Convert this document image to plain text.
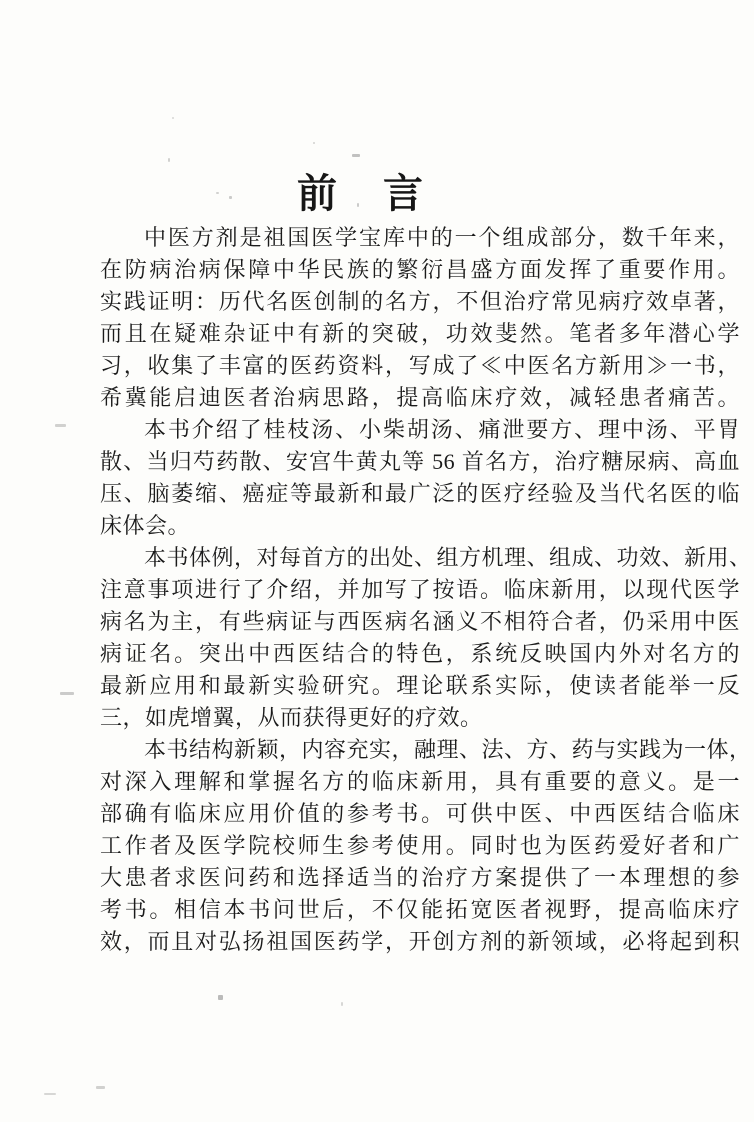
前 言
中医方剂是祖国医学宝库中的一个组成部分，数千年来，
在防病治病保障中华民族的繁衍昌盛方面发挥了重要作用。
实践证明：历代名医创制的名方，不但治疗常见病疗效卓著，
而且在疑难杂证中有新的突破，功效斐然。笔者多年潜心学
习，收集了丰富的医药资料，写成了≪中医名方新用≫一书，
希冀能启迪医者治病思路，提高临床疗效，减轻患者痛苦。
本书介绍了桂枝汤、小柴胡汤、痛泄要方、理中汤、平胃
散、当归芍药散、安宫牛黄丸等 56 首名方，治疗糖尿病、高血
压、脑萎缩、癌症等最新和最广泛的医疗经验及当代名医的临
床体会。
本书体例，对每首方的出处、组方机理、组成、功效、新用、
注意事项进行了介绍，并加写了按语。临床新用，以现代医学
病名为主，有些病证与西医病名涵义不相符合者，仍采用中医
病证名。突出中西医结合的特色，系统反映国内外对名方的
最新应用和最新实验研究。理论联系实际，使读者能举一反
三，如虎增翼，从而获得更好的疗效。
本书结构新颖，内容充实，融理、法、方、药与实践为一体，
对深入理解和掌握名方的临床新用，具有重要的意义。是一
部确有临床应用价值的参考书。可供中医、中西医结合临床
工作者及医学院校师生参考使用。同时也为医药爱好者和广
大患者求医问药和选择适当的治疗方案提供了一本理想的参
考书。相信本书问世后，不仅能拓宽医者视野，提高临床疗
效，而且对弘扬祖国医药学，开创方剂的新领域，必将起到积
